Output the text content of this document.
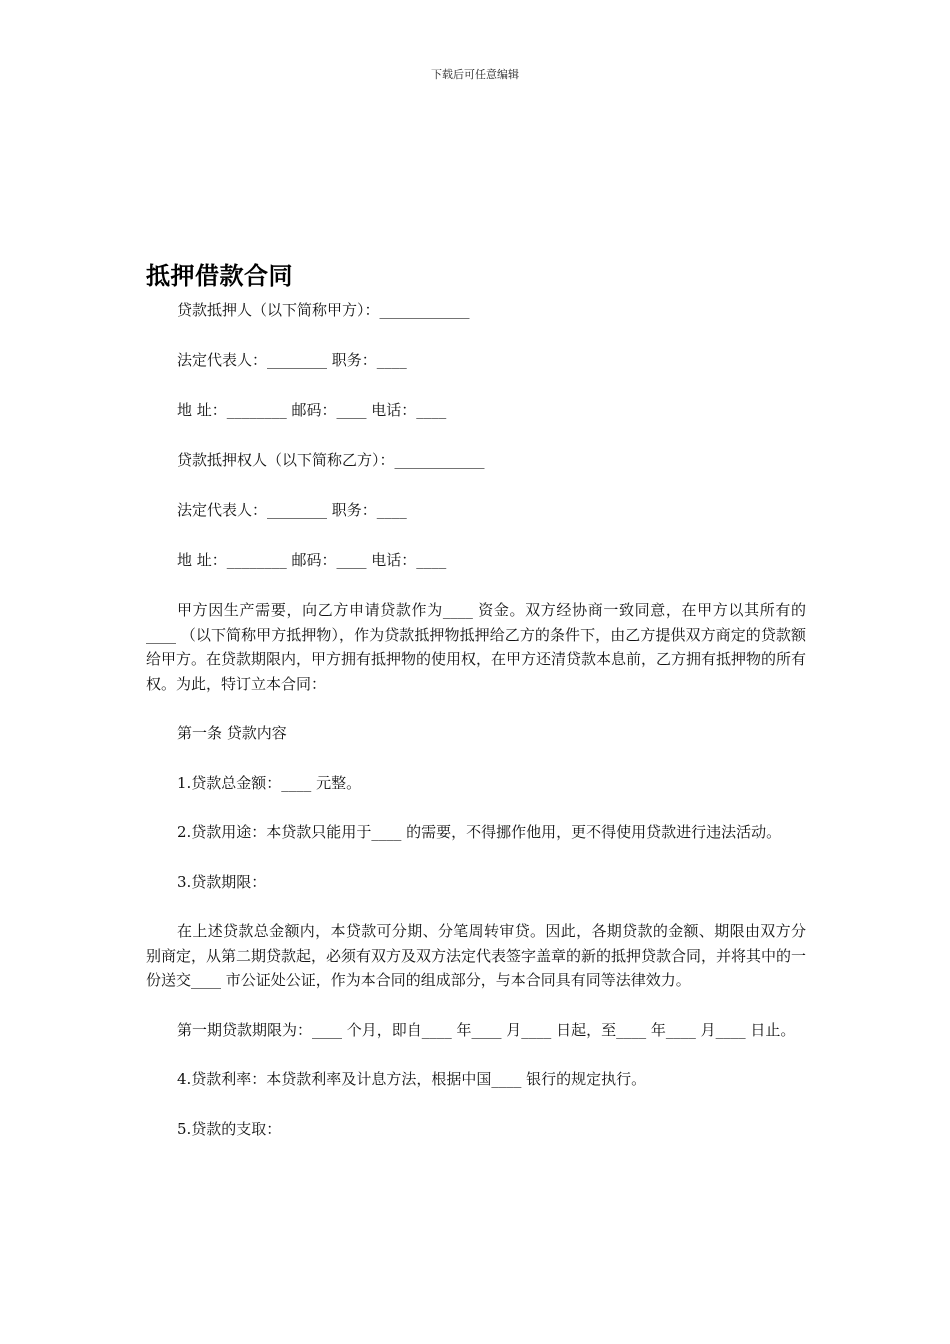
下载后可任意编辑
抵押借款合同

贷款抵押人（以下简称甲方）：____________

法定代表人：________ 职务：____

地 址：________ 邮码：____ 电话：____

贷款抵押权人（以下简称乙方）：____________

法定代表人：________ 职务：____

地 址：________ 邮码：____ 电话：____

甲方因生产需要，向乙方申请贷款作为____ 资金。双方经协商一致同意，在甲方以其所有的____ （以下简称甲方抵押物），作为贷款抵押物抵押给乙方的条件下，由乙方提供双方商定的贷款额给甲方。在贷款期限内，甲方拥有抵押物的使用权，在甲方还清贷款本息前，乙方拥有抵押物的所有权。为此，特订立本合同：

第一条 贷款内容

1.贷款总金额：____ 元整。

2.贷款用途：本贷款只能用于____ 的需要，不得挪作他用，更不得使用贷款进行违法活动。

3.贷款期限：

在上述贷款总金额内，本贷款可分期、分笔周转审贷。因此，各期贷款的金额、期限由双方分别商定，从第二期贷款起，必须有双方及双方法定代表签字盖章的新的抵押贷款合同，并将其中的一份送交____ 市公证处公证，作为本合同的组成部分，与本合同具有同等法律效力。

第一期贷款期限为：____ 个月，即自____ 年____ 月____ 日起，至____ 年____ 月____ 日止。

4.贷款利率：本贷款利率及计息方法，根据中国____ 银行的规定执行。

5.贷款的支取：
